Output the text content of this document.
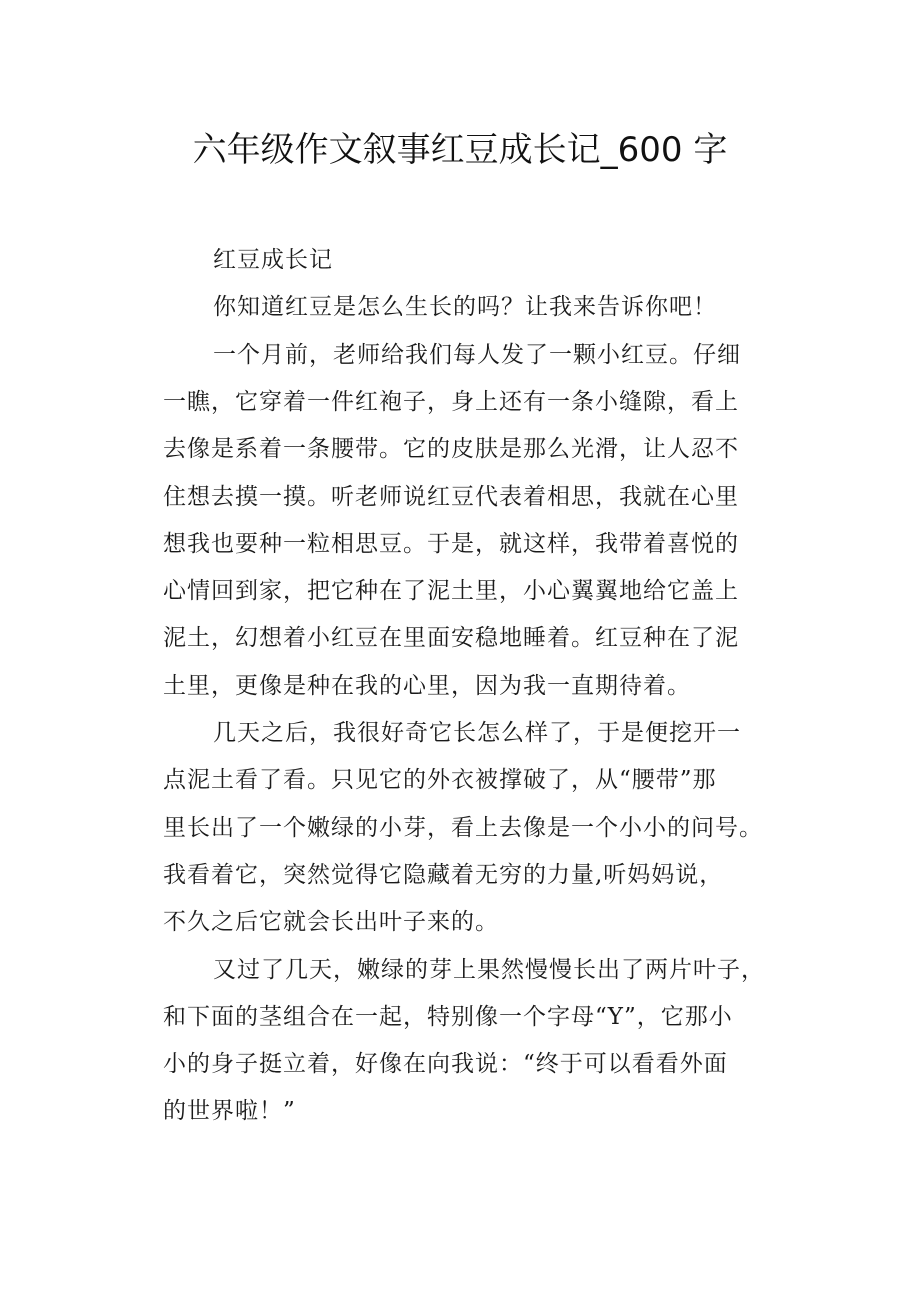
六年级作文叙事红豆成长记_600 字
红豆成长记
你知道红豆是怎么生长的吗？让我来告诉你吧！
一个月前，老师给我们每人发了一颗小红豆。仔细
一瞧，它穿着一件红袍子，身上还有一条小缝隙，看上
去像是系着一条腰带。它的皮肤是那么光滑，让人忍不
住想去摸一摸。听老师说红豆代表着相思，我就在心里
想我也要种一粒相思豆。于是，就这样，我带着喜悦的
心情回到家，把它种在了泥土里，小心翼翼地给它盖上
泥土，幻想着小红豆在里面安稳地睡着。红豆种在了泥
土里，更像是种在我的心里，因为我一直期待着。
几天之后，我很好奇它长怎么样了，于是便挖开一
点泥土看了看。只见它的外衣被撑破了，从“腰带”那
里长出了一个嫩绿的小芽，看上去像是一个小小的问号。
我看着它，突然觉得它隐藏着无穷的力量,听妈妈说，
不久之后它就会长出叶子来的。
又过了几天，嫩绿的芽上果然慢慢长出了两片叶子，
和下面的茎组合在一起，特别像一个字母“Y”，它那小
小的身子挺立着，好像在向我说：“终于可以看看外面
的世界啦！”
